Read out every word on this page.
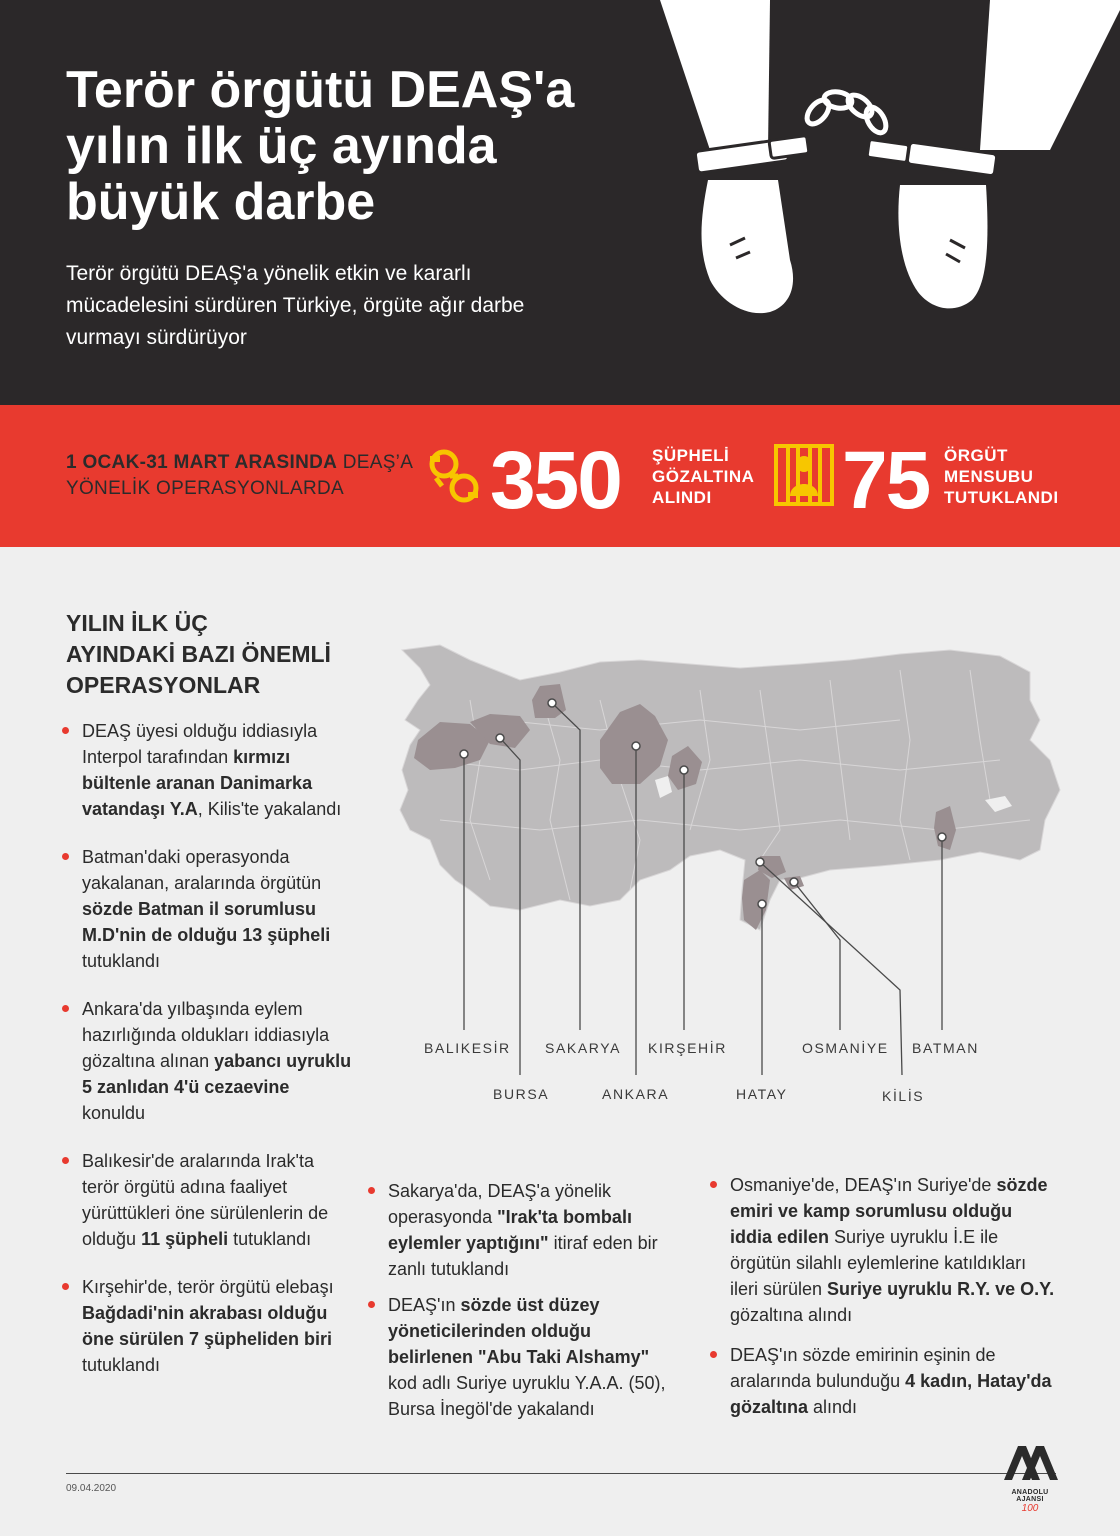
Terör örgütü DEAŞ'a
yılın ilk üç ayında
büyük darbe

Terör örgütü DEAŞ'a yönelik etkin ve kararlı mücadelesini sürdüren Türkiye, örgüte ağır darbe vurmayı sürdürüyor

1 OCAK-31 MART ARASINDA DEAŞ’A
YÖNELİK OPERASYONLARDA	350 ŞÜPHELİ
GÖZALTINA
ALINDI	75 ÖRGÜT
MENSUBU
TUTUKLANDI
YILIN İLK ÜÇ
AYINDAKİ BAZI ÖNEMLİ
OPERASYONLAR
BALIKESİR
BURSA
SAKARYA
ANKARA
KIRŞEHİR
HATAY
OSMANİYE
KİLİS
BATMAN
DEAŞ üyesi olduğu iddiasıyla Interpol tarafından kırmızı bültenle aranan Danimarka vatandaşı Y.A, Kilis'te yakalandı
Batman'daki operasyonda yakalanan, aralarında örgütün sözde Batman il sorumlusu M.D'nin de olduğu 13 şüpheli tutuklandı
Ankara'da yılbaşında eylem hazırlığında oldukları iddiasıyla gözaltına alınan yabancı uyruklu 5 zanlıdan 4'ü cezaevine konuldu
Balıkesir'de aralarında Irak'ta terör örgütü adına faaliyet yürüttükleri öne sürülenlerin de olduğu 11 şüpheli tutuklandı
Kırşehir'de, terör örgütü elebaşı Bağdadi'nin akrabası olduğu öne sürülen 7 şüpheliden biri tutuklandı
Sakarya'da, DEAŞ'a yönelik operasyonda "Irak'ta bombalı eylemler yaptığını" itiraf eden bir zanlı tutuklandı
DEAŞ'ın sözde üst düzey yöneticilerinden olduğu belirlenen "Abu Taki Alshamy" kod adlı Suriye uyruklu Y.A.A. (50), Bursa İnegöl'de yakalandı
Osmaniye'de, DEAŞ'ın Suriye'de sözde emiri ve kamp sorumlusu olduğu iddia edilen Suriye uyruklu İ.E ile örgütün silahlı eylemlerine katıldıkları ileri sürülen Suriye uyruklu R.Y. ve O.Y. gözaltına alındı
DEAŞ'ın sözde emirinin eşinin de aralarında bulunduğu 4 kadın, Hatay'da gözaltına alındı
09.04.2020	ANADOLU AJANSI
100
